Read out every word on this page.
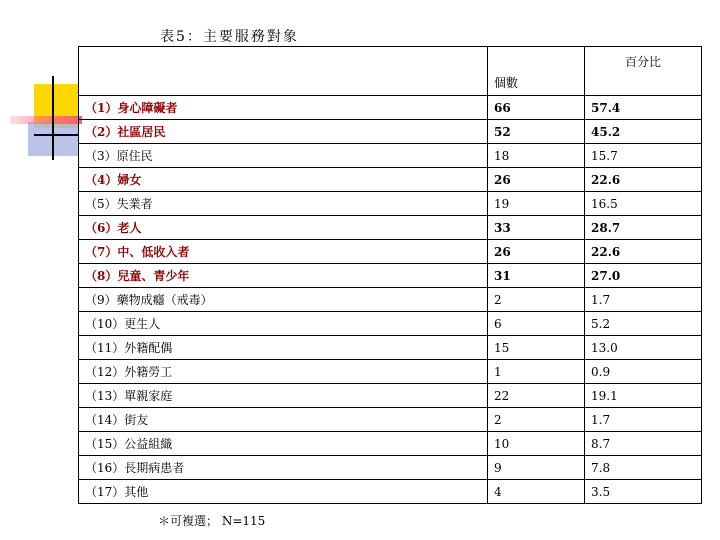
表5：主要服務對象
	個數	百分比
（1）身心障礙者	66	57.4
（2）社區居民	52	45.2
（3）原住民	18	15.7
（4）婦女	26	22.6
（5）失業者	19	16.5
（6）老人	33	28.7
（7）中、低收入者	26	22.6
（8）兒童、青少年	31	27.0
（9）藥物成癮（戒毒）	2	1.7
（10）更生人	6	5.2
（11）外籍配偶	15	13.0
（12）外籍勞工	1	0.9
（13）單親家庭	22	19.1
（14）街友	2	1.7
（15）公益組織	10	8.7
（16）長期病患者	9	7.8
（17）其他	4	3.5
＊可複選； N=115
